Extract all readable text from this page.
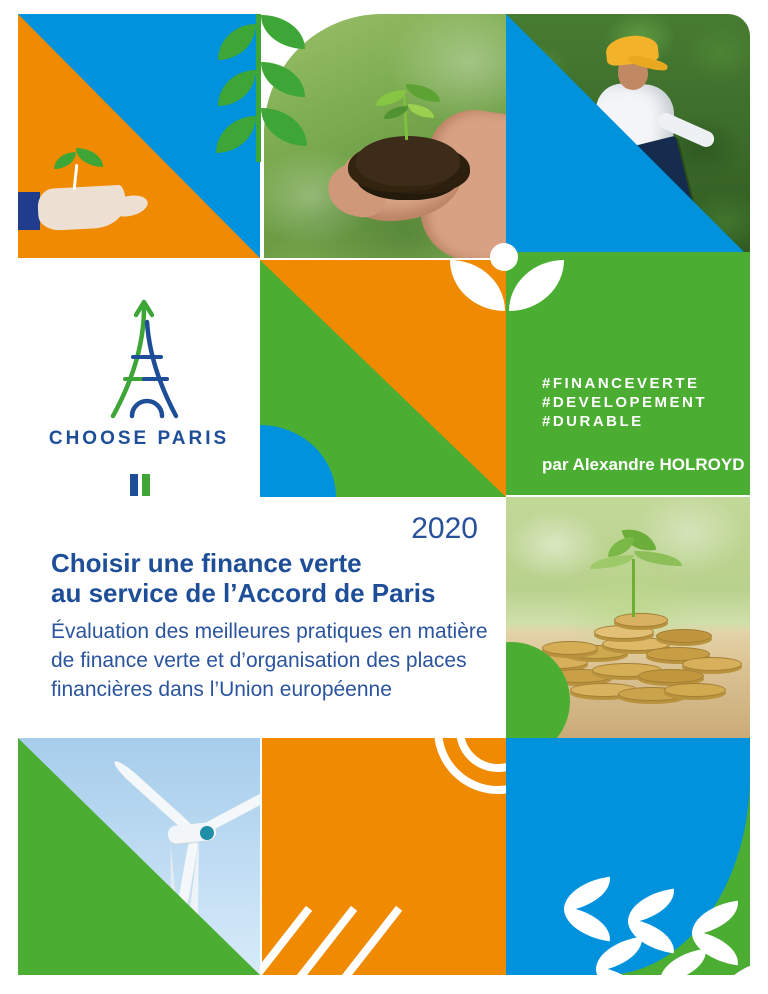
CHOOSE PARIS
#FINANCEVERTE
#DEVELOPEMENT
#DURABLE
par Alexandre HOLROYD
2020
Choisir une finance verte
au service de l’Accord de Paris
Évaluation des meilleures pratiques en matière
de finance verte et d’organisation des places
financières dans l’Union européenne
